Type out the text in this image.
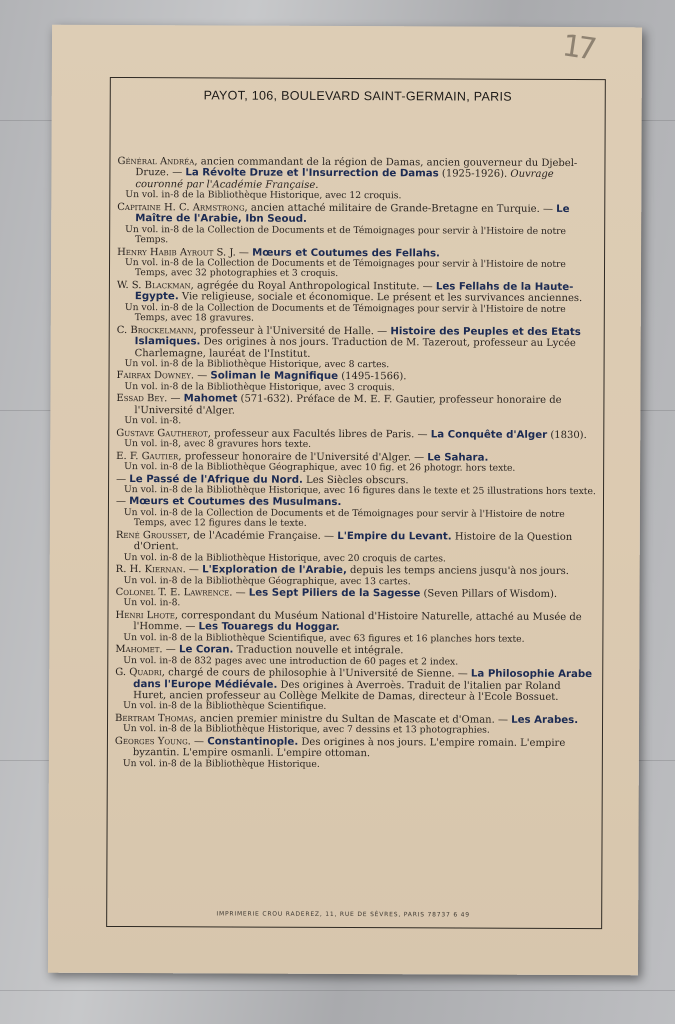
17
PAYOT, 106, BOULEVARD SAINT-GERMAIN, PARIS

Général Andréa, ancien commandant de la région de Damas, ancien gouverneur du Djebel-Druze. — La Révolte Druze et l'Insurrection de Damas (1925-1926). Ouvrage couronné par l'Académie Française.

Un vol. in-8 de la Bibliothèque Historique, avec 12 croquis.

Capitaine H. C. Armstrong, ancien attaché militaire de Grande-Bretagne en Turquie. — Le Maître de l'Arabie, Ibn Seoud.

Un vol. in-8 de la Collection de Documents et de Témoignages pour servir à l'Histoire de notre Temps.

Henry Habib Ayrout S. J. — Mœurs et Coutumes des Fellahs.

Un vol. in-8 de la Collection de Documents et de Témoignages pour servir à l'Histoire de notre Temps, avec 32 photographies et 3 croquis.

W. S. Blackman, agrégée du Royal Anthropological Institute. — Les Fellahs de la Haute-Egypte. Vie religieuse, sociale et économique. Le présent et les survivances anciennes.

Un vol. in-8 de la Collection de Documents et de Témoignages pour servir à l'Histoire de notre Temps, avec 18 gravures.

C. Brockelmann, professeur à l'Université de Halle. — Histoire des Peuples et des Etats Islamiques. Des origines à nos jours. Traduction de M. Tazerout, professeur au Lycée Charlemagne, lauréat de l'Institut.

Un vol. in-8 de la Bibliothèque Historique, avec 8 cartes.

Fairfax Downey. — Soliman le Magnifique (1495-1566).

Un vol. in-8 de la Bibliothèque Historique, avec 3 croquis.

Essad Bey. — Mahomet (571-632). Préface de M. E. F. Gautier, professeur honoraire de l'Université d'Alger.

Un vol. in-8.

Gustave Gautherot, professeur aux Facultés libres de Paris. — La Conquête d'Alger (1830).

Un vol. in-8, avec 8 gravures hors texte.

E. F. Gautier, professeur honoraire de l'Université d'Alger. — Le Sahara.

Un vol. in-8 de la Bibliothèque Géographique, avec 10 fig. et 26 photogr. hors texte.

— Le Passé de l'Afrique du Nord. Les Siècles obscurs.

Un vol. in-8 de la Bibliothèque Historique, avec 16 figures dans le texte et 25 illustrations hors texte.

— Mœurs et Coutumes des Musulmans.

Un vol. in-8 de la Collection de Documents et de Témoignages pour servir à l'Histoire de notre Temps, avec 12 figures dans le texte.

René Grousset, de l'Académie Française. — L'Empire du Levant. Histoire de la Question d'Orient.

Un vol. in-8 de la Bibliothèque Historique, avec 20 croquis de cartes.

R. H. Kiernan. — L'Exploration de l'Arabie, depuis les temps anciens jusqu'à nos jours.

Un vol. in-8 de la Bibliothèque Géographique, avec 13 cartes.

Colonel T. E. Lawrence. — Les Sept Piliers de la Sagesse (Seven Pillars of Wisdom).

Un vol. in-8.

Henri Lhote, correspondant du Muséum National d'Histoire Naturelle, attaché au Musée de l'Homme. — Les Touaregs du Hoggar.

Un vol. in-8 de la Bibliothèque Scientifique, avec 63 figures et 16 planches hors texte.

Mahomet. — Le Coran. Traduction nouvelle et intégrale.

Un vol. in-8 de 832 pages avec une introduction de 60 pages et 2 index.

G. Quadri, chargé de cours de philosophie à l'Université de Sienne. — La Philosophie Arabe dans l'Europe Médiévale. Des origines à Averroès. Traduit de l'italien par Roland Huret, ancien professeur au Collège Melkite de Damas, directeur à l'Ecole Bossuet.

Un vol. in-8 de la Bibliothèque Scientifique.

Bertram Thomas, ancien premier ministre du Sultan de Mascate et d'Oman. — Les Arabes.

Un vol. in-8 de la Bibliothèque Historique, avec 7 dessins et 13 photographies.

Georges Young. — Constantinople. Des origines à nos jours. L'empire romain. L'empire byzantin. L'empire osmanli. L'empire ottoman.

Un vol. in-8 de la Bibliothèque Historique.

IMPRIMERIE CROU RADEREZ, 11, RUE DE SÈVRES, PARIS 78737 6 49
